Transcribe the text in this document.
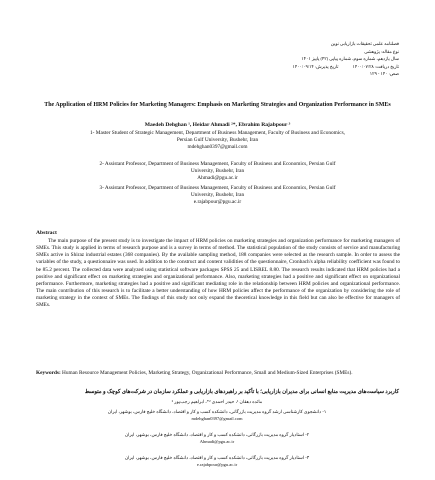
فصلنامه علمی تحقیقات بازاریابی نوین
نوع مقاله: پژوهشی
سال یازدهم، شماره سوم، شماره پیاپی (۴۲) پاییز ۱۴۰۱
تاریخ دریافت: ۱۴۰۰/۰۷/۲۸
تاریخ پذیرش: ۱۴۰۰/۰۹/۱۴
صص: ۱۴۰ - ۱۲۹
The Application of HRM Policies for Marketing Managers: Emphasis on Marketing Strategies and Organization Performance in SMEs
Maedeh Dehghan ¹, Heidar Ahmadi ²*, Ebrahim Rajabpour ³
1- Master Student of Strategic Management, Department of Business Management, Faculty of Business and Economics,
Persian Gulf University, Bushehr, Iran
mdehghan0397@gmail.com
2- Assistant Professor, Department of Business Management, Faculty of Business and Economics, Persian Gulf
University, Bushehr, Iran
Ahmadi@pgu.ac.ir
3- Assistant Professor, Department of Business Management, Faculty of Business and Economics, Persian Gulf
University, Bushehr, Iran
e.rajabpour@pgu.ac.ir
Abstract

The main purpose of the present study is to investigate the impact of HRM policies on marketing strategies and organization performance for marketing managers of SMEs. This study is applied in terms of research purpose and is a survey in terms of method. The statistical population of the study consists of service and manufacturing SMEs active in Shiraz industrial estates (368 companies). By the available sampling method, 188 companies were selected as the research sample. In order to assess the variables of the study, a questionnaire was used. In addition to the construct and content validities of the questionnaire, Cronbach's alpha reliability coefficient was found to be 85.2 percent. The collected data were analyzed using statistical software packages SPSS 25 and LISREL 8.80. The research results indicated that HRM policies had a positive and significant effect on marketing strategies and organizational performance. Also, marketing strategies had a positive and significant effect on organizational performance. Furthermore, marketing strategies had a positive and significant mediating role in the relationship between HRM policies and organizational performance. The main contribution of this research is to facilitate a better understanding of how HRM policies affect the performance of the organization by considering the role of marketing strategy in the context of SMEs. The findings of this study not only expand the theoretical knowledge in this field but can also be effective for managers of SMEs.

Keywords: Human Resource Management Policies, Marketing Strategy, Organizational Performance, Small and Medium-Sized Enterprises (SMEs).

کاربرد سیاست‌های مدیریت منابع انسانی برای مدیران بازاریابی؛ با تأکید بر راهبردهای بازاریابی و عملکرد سازمان در شرکت‌های کوچک و متوسط
مائده دهقان ¹، حیدر احمدی ²*، ابراهیم رجب‌پور ³
۱- دانشجوی کارشناسی ارشد گروه مدیریت بازرگانی، دانشکده کسب و کار و اقتصاد، دانشگاه خلیج فارس، بوشهر، ایران
mdehghan0397@gmail.com
۲- استادیار گروه مدیریت بازرگانی، دانشکده کسب و کار و اقتصاد، دانشگاه خلیج فارس، بوشهر، ایران
Ahmadi@pgu.ac.ir
۳- استادیار گروه مدیریت بازرگانی، دانشکده کسب و کار و اقتصاد، دانشگاه خلیج فارس، بوشهر، ایران
e.rajabpour@pgu.ac.ir
